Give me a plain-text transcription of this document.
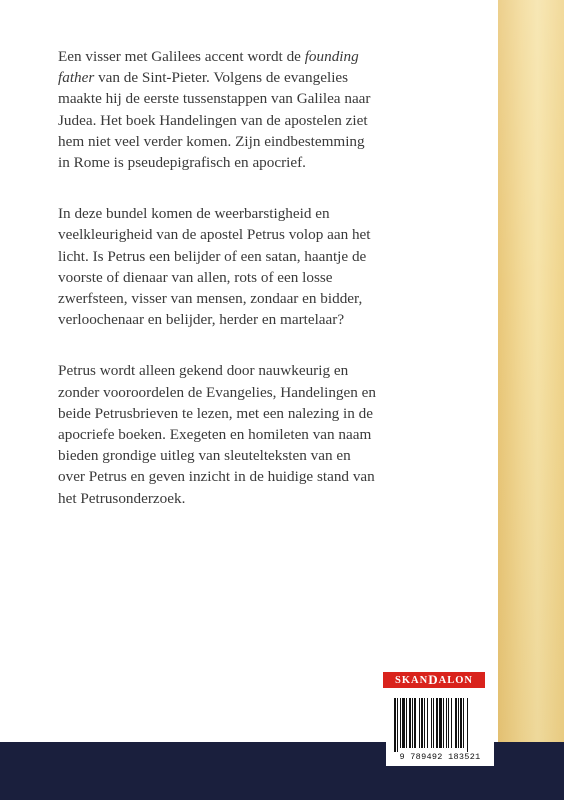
Een visser met Galilees accent wordt de founding father van de Sint-Pieter. Volgens de evangelies maakte hij de eerste tussenstappen van Galilea naar Judea. Het boek Handelingen van de apostelen ziet hem niet veel verder komen. Zijn eindbestemming in Rome is pseudepigrafisch en apocrief.

In deze bundel komen de weerbarstigheid en veelkleurigheid van de apostel Petrus volop aan het licht. Is Petrus een belijder of een satan, haantje de voorste of dienaar van allen, rots of een losse zwerfsteen, visser van mensen, zondaar en bidder, verloochenaar en belijder, herder en martelaar?

Petrus wordt alleen gekend door nauwkeurig en zonder vooroordelen de Evangelies, Handelingen en beide Petrusbrieven te lezen, met een nalezing in de apocriefe boeken. Exegeten en homileten van naam bieden grondige uitleg van sleutelteksten van en over Petrus en geven inzicht in de huidige stand van het Petrusonderzoek.

SKAN D ALON
9 789492 183521
